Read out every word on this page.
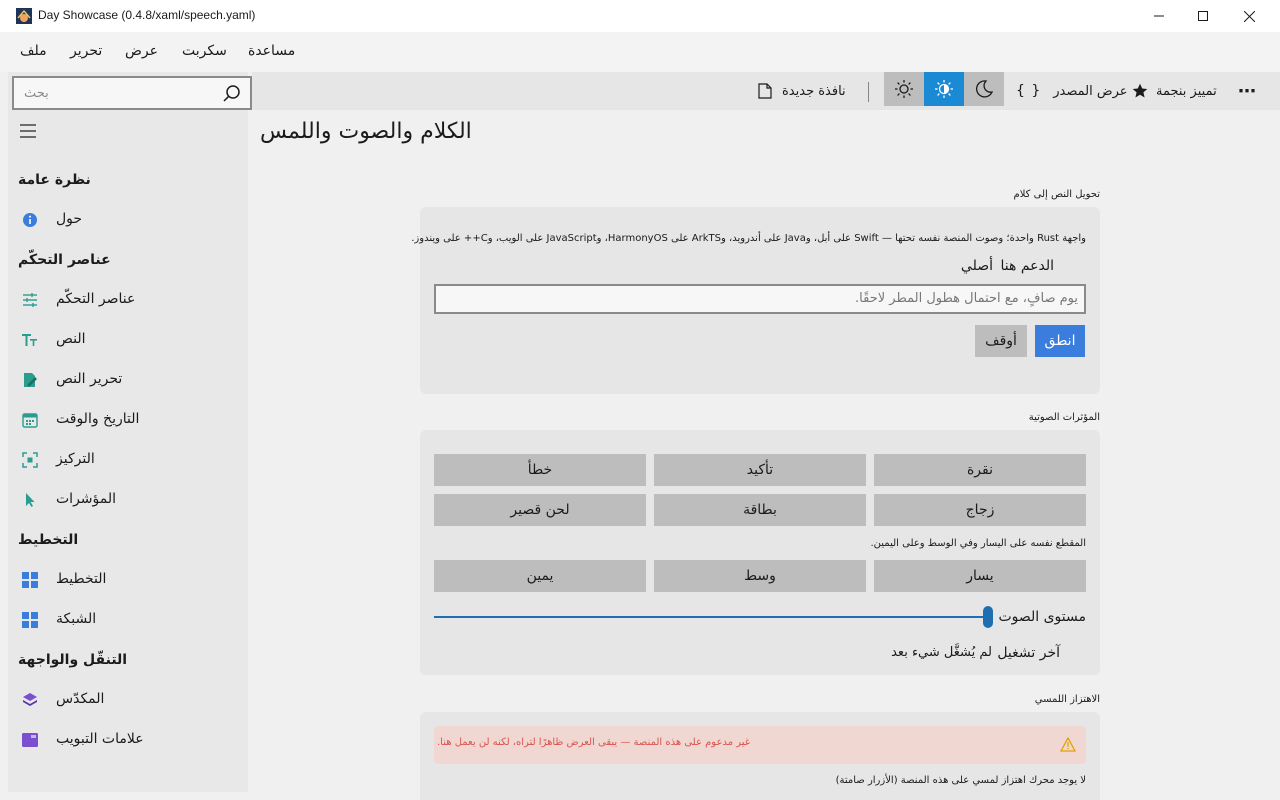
Day Showcase (0.4.8/xaml/speech.yaml)
ملف تحرير عرض سكربت مساعدة
بحث
نظرة عامة
حول
عناصر التحكّم
عناصر التحكّم
النص
تحرير النص
التاريخ والوقت
التركيز
المؤشرات
التخطيط
التخطيط
الشبكة
التنقّل والواجهة
المكدّس
علامات التبويب
نافذة جديدة	{ } عرض المصدر تمييز بنجمة ⋯
الكلام والصوت واللمس
تحويل النص إلى كلام
واجهة Rust واحدة؛ وصوت المنصة نفسه تحتها — Swift على أبل، وJava على أندرويد، وArkTS على HarmonyOS، وJavaScript على الويب، وC++ على ويندوز.
الدعم هنا
أصلي
يوم صافٍ، مع احتمال هطول المطر لاحقًا.
انطق
أوقف
المؤثرات الصوتية
نقرة
تأكيد
خطأ
زجاج
بطاقة
لحن قصير
المقطع نفسه على اليسار وفي الوسط وعلى اليمين.
يسار
وسط
يمين
مستوى الصوت
آخر تشغيل
لم يُشغَّل شيء بعد
الاهتزاز اللمسي
غير مدعوم على هذه المنصة — يبقى العرض ظاهرًا لتراه، لكنه لن يعمل هنا.
لا يوجد محرك اهتزاز لمسي على هذه المنصة (الأزرار صامتة)
